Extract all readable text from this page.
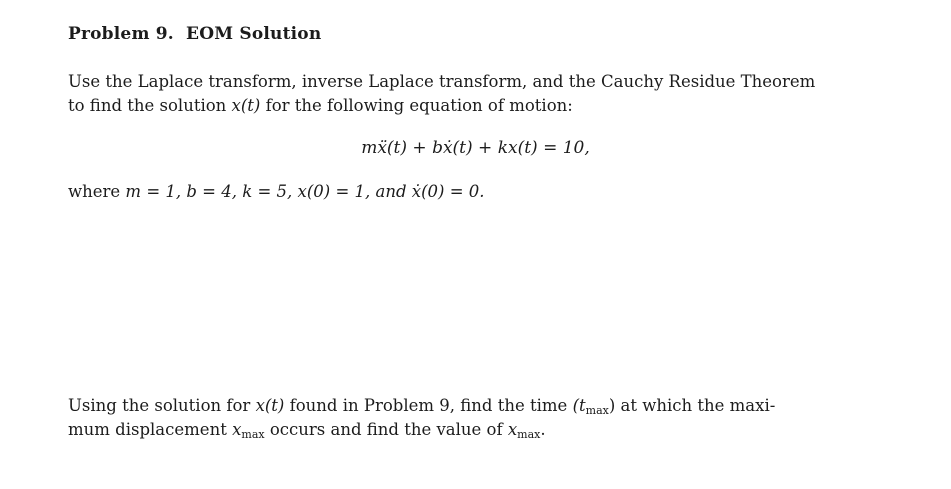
Problem 9. EOM Solution
Use the Laplace transform, inverse Laplace transform, and the Cauchy Residue Theorem
to find the solution x(t) for the following equation of motion:
mẍ(t) + bẋ(t) + kx(t) = 10,
where m = 1, b = 4, k = 5, x(0) = 1, and ẋ(0) = 0.
Using the solution for x(t) found in Problem 9, find the time $(t_{max})$ at which the maxi-
mum displacement $x_{max}$ occurs and find the value of $x_{max}$.
